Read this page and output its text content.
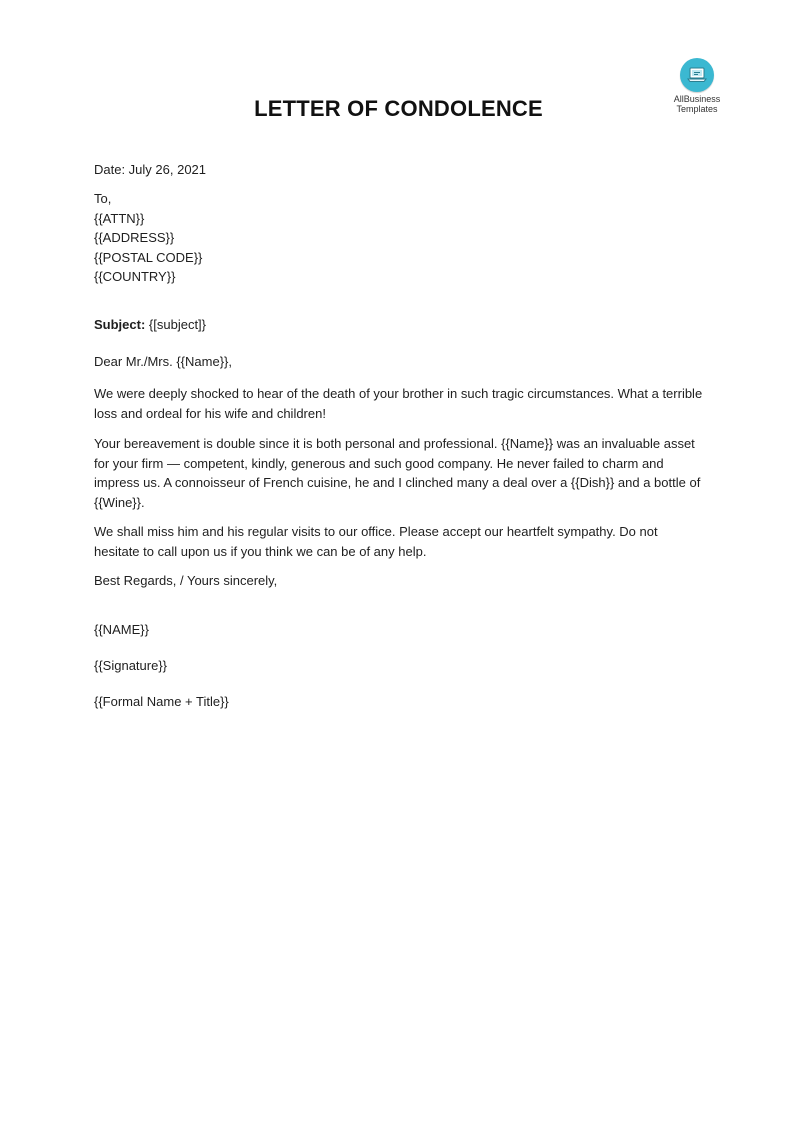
AllBusiness
Templates
LETTER OF CONDOLENCE
Date: July 26, 2021
To,
{{ATTN}}
{{ADDRESS}}
{{POSTAL CODE}}
{{COUNTRY}}
Subject: {[subject]}
Dear Mr./Mrs. {{Name}},
We were deeply shocked to hear of the death of your brother in such tragic circumstances. What a terrible loss and ordeal for his wife and children!
Your bereavement is double since it is both personal and professional. {{Name}} was an invaluable asset for your firm — competent, kindly, generous and such good company. He never failed to charm and impress us. A connoisseur of French cuisine, he and I clinched many a deal over a {{Dish}} and a bottle of {{Wine}}.
We shall miss him and his regular visits to our office. Please accept our heartfelt sympathy. Do not hesitate to call upon us if you think we can be of any help.
Best Regards, / Yours sincerely,
{{NAME}}
{{Signature}}
{{Formal Name + Title}}
